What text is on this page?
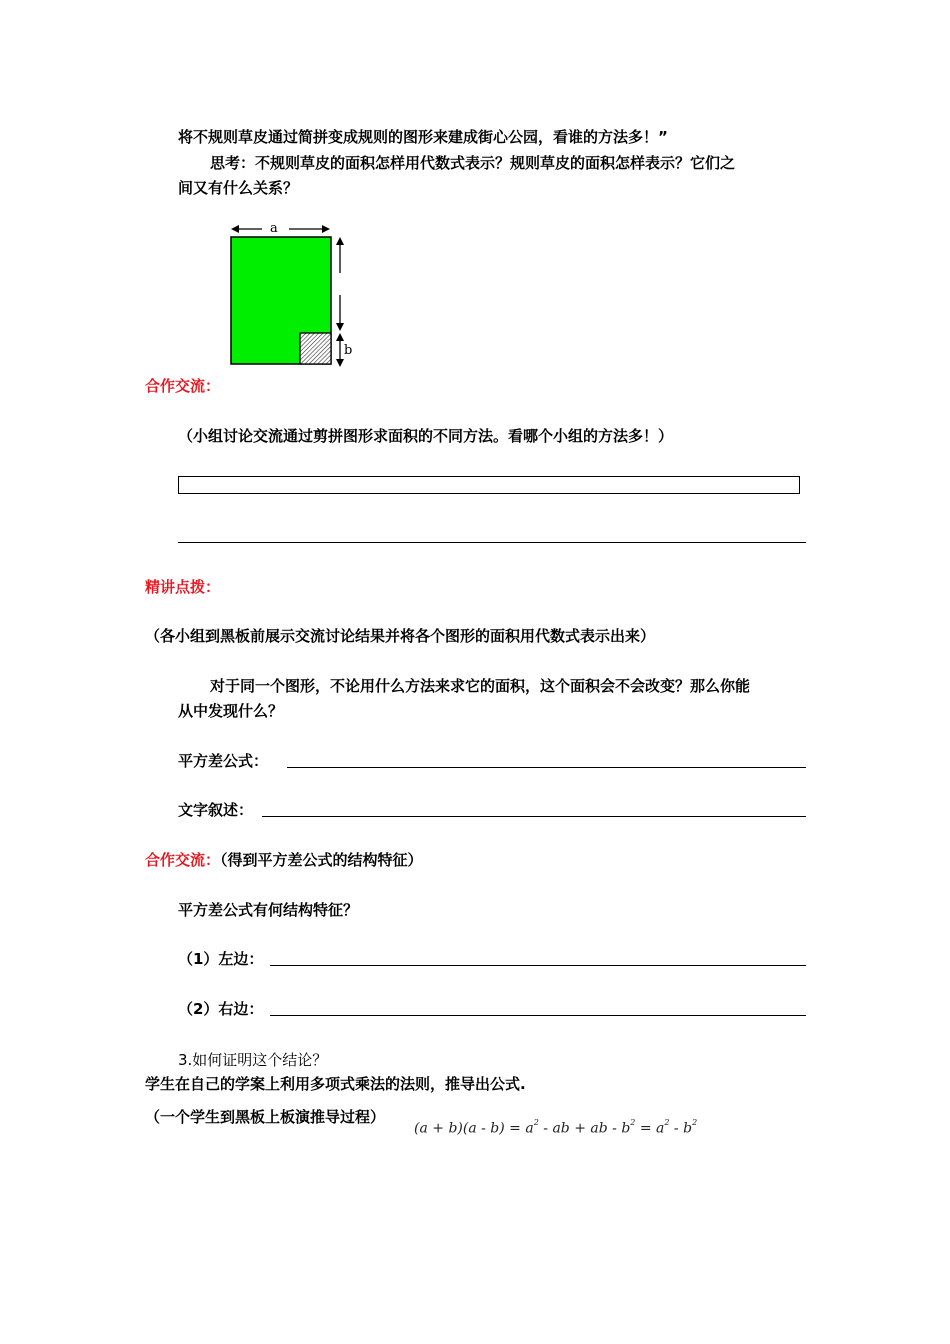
将不规则草皮通过简拼变成规则的图形来建成街心公园，看谁的方法多！”
思考：不规则草皮的面积怎样用代数式表示？规则草皮的面积怎样表示？它们之
间又有什么关系？
a
b
合作交流：
（小组讨论交流通过剪拼图形求面积的不同方法。看哪个小组的方法多！）
精讲点拨：
（各小组到黑板前展示交流讨论结果并将各个图形的面积用代数式表示出来）
对于同一个图形，不论用什么方法来求它的面积，这个面积会不会改变？那么你能
从中发现什么？
平方差公式：
文字叙述：
合作交流：（得到平方差公式的结构特征）
平方差公式有何结构特征？
（1）左边：
（2）右边：
3.如何证明这个结论？
学生在自己的学案上利用多项式乘法的法则，推导出公式.
（一个学生到黑板上板演推导过程）
$(a + b)(a - b) = a^2$ - ab + ab - $b^2 = a^2 - b^2$
